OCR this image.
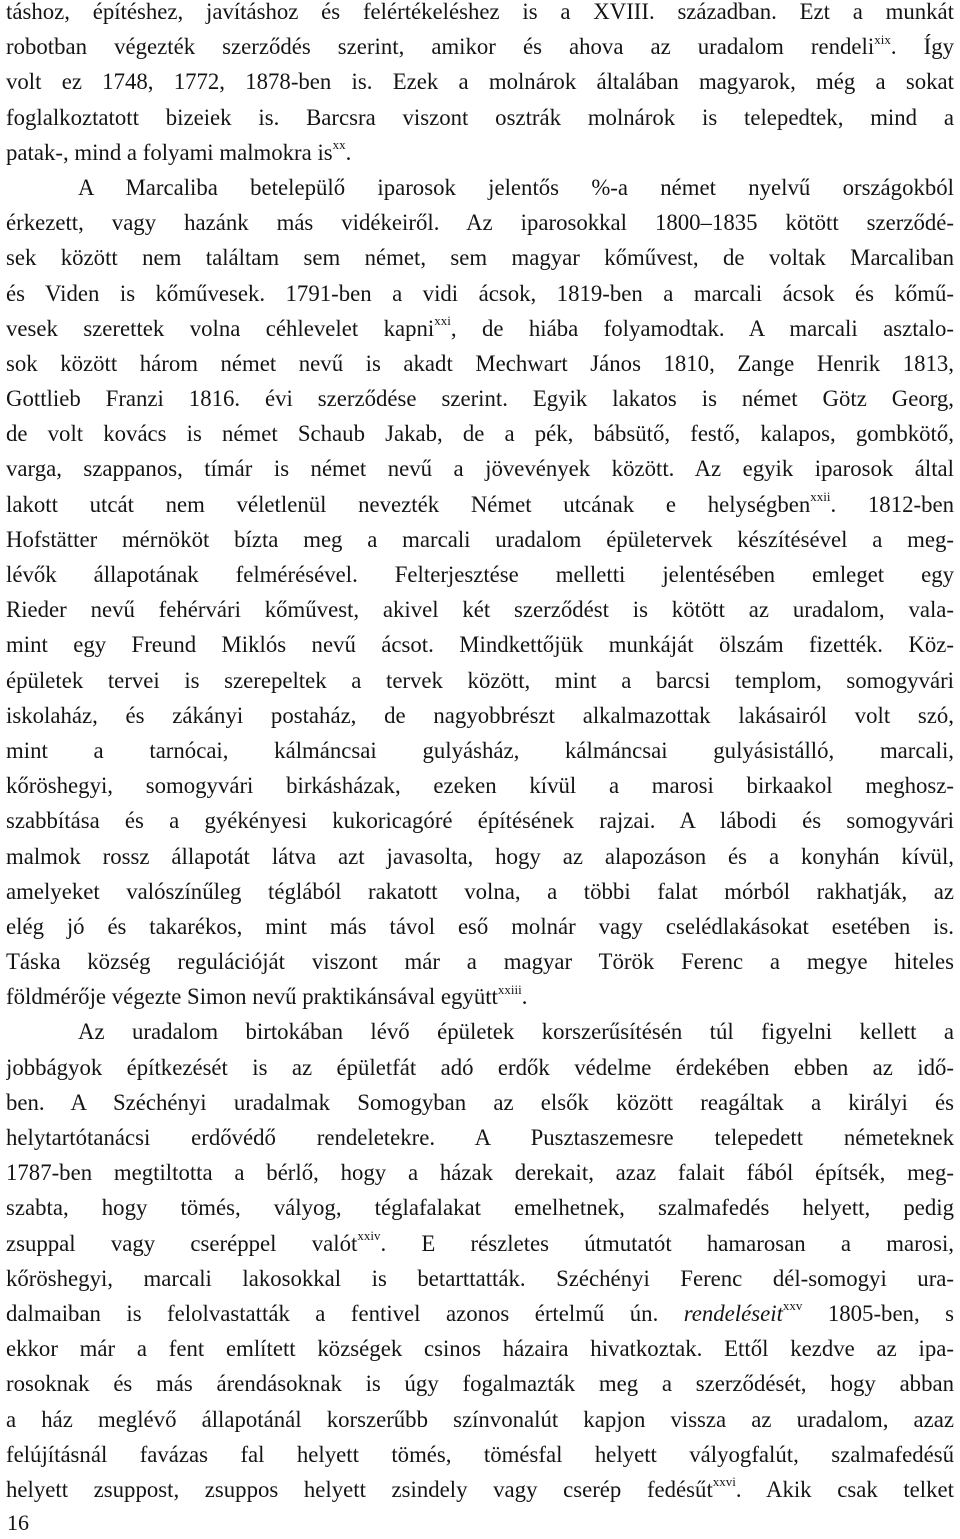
táshoz, építéshez, javításhoz és felértékeléshez is a XVIII. században. Ezt a munkát
robotban végezték szerződés szerint, amikor és ahova az uradalom rendeli$^{xix}$. Így
volt ez 1748, 1772, 1878-ben is. Ezek a molnárok általában magyarok, még a sokat
foglalkoztatott bizeiek is. Barcsra viszont osztrák molnárok is telepedtek, mind a
patak-, mind a folyami malmokra $is^{xx}$.
A Marcaliba betelepülő iparosok jelentős %-a német nyelvű országokból
érkezett, vagy hazánk más vidékeiről. Az iparosokkal 1800–1835 kötött szerződé-
sek között nem találtam sem német, sem magyar kőművest, de voltak Marcaliban
és Viden is kőművesek. 1791-ben a vidi ácsok, 1819-ben a marcali ácsok és kőmű-
vesek szerettek volna céhlevelet kapni$^{xxi}$, de hiába folyamodtak. A marcali asztalo-
sok között három német nevű is akadt Mechwart János 1810, Zange Henrik 1813,
Gottlieb Franzi 1816. évi szerződése szerint. Egyik lakatos is német Götz Georg,
de volt kovács is német Schaub Jakab, de a pék, bábsütő, festő, kalapos, gombkötő,
varga, szappanos, tímár is német nevű a jövevények között. Az egyik iparosok által
lakott utcát nem véletlenül nevezték Német utcának e helységben$^{xxii}$. 1812-ben
Hofstätter mérnököt bízta meg a marcali uradalom épületervek készítésével a meg-
lévők állapotának felmérésével. Felterjesztése melletti jelentésében emleget egy
Rieder nevű fehérvári kőművest, akivel két szerződést is kötött az uradalom, vala-
mint egy Freund Miklós nevű ácsot. Mindkettőjük munkáját ölszám fizették. Köz-
épületek tervei is szerepeltek a tervek között, mint a barcsi templom, somogyvári
iskolaház, és zákányi postaház, de nagyobbrészt alkalmazottak lakásairól volt szó,
mint a tarnócai, kálmáncsai gulyásház, kálmáncsai gulyásistálló, marcali,
kőröshegyi, somogyvári birkásházak, ezeken kívül a marosi birkaakol meghosz-
szabbítása és a gyékényesi kukoricagóré építésének rajzai. A lábodi és somogyvári
malmok rossz állapotát látva azt javasolta, hogy az alapozáson és a konyhán kívül,
amelyeket valószínűleg téglából rakatott volna, a többi falat mórból rakhatják, az
elég jó és takarékos, mint más távol eső molnár vagy cselédlakásokat esetében is.
Táska község regulációját viszont már a magyar Török Ferenc a megye hiteles
földmérője végezte Simon nevű praktikánsával együtt$^{xxiii}$.
Az uradalom birtokában lévő épületek korszerűsítésén túl figyelni kellett a
jobbágyok építkezését is az épületfát adó erdők védelme érdekében ebben az idő-
ben. A Széchényi uradalmak Somogyban az elsők között reagáltak a királyi és
helytartótanácsi erdővédő rendeletekre. A Pusztaszemesre telepedett németeknek
1787-ben megtiltotta a bérlő, hogy a házak derekait, azaz falait fából építsék, meg-
szabta, hogy tömés, vályog, téglafalakat emelhetnek, szalmafedés helyett, pedig
zsuppal vagy cseréppel valót$^{xxiv}$. E részletes útmutatót hamarosan a marosi,
kőröshegyi, marcali lakosokkal is betarttatták. Széchényi Ferenc dél-somogyi ura-
dalmaiban is felolvastatták a fentivel azonos értelmű ún. rendeléseit$^{xxv}$ 1805-ben, s
ekkor már a fent említett községek csinos házaira hivatkoztak. Ettől kezdve az ipa-
rosoknak és más árendásoknak is úgy fogalmazták meg a szerződését, hogy abban
a ház meglévő állapotánál korszerűbb színvonalút kapjon vissza az uradalom, azaz
felújításnál favázas fal helyett tömés, tömésfal helyett vályogfalút, szalmafedésű
helyett zsuppost, zsuppos helyett zsindely vagy cserép fedésűt$^{xxvi}$. Akik csak telket
16
